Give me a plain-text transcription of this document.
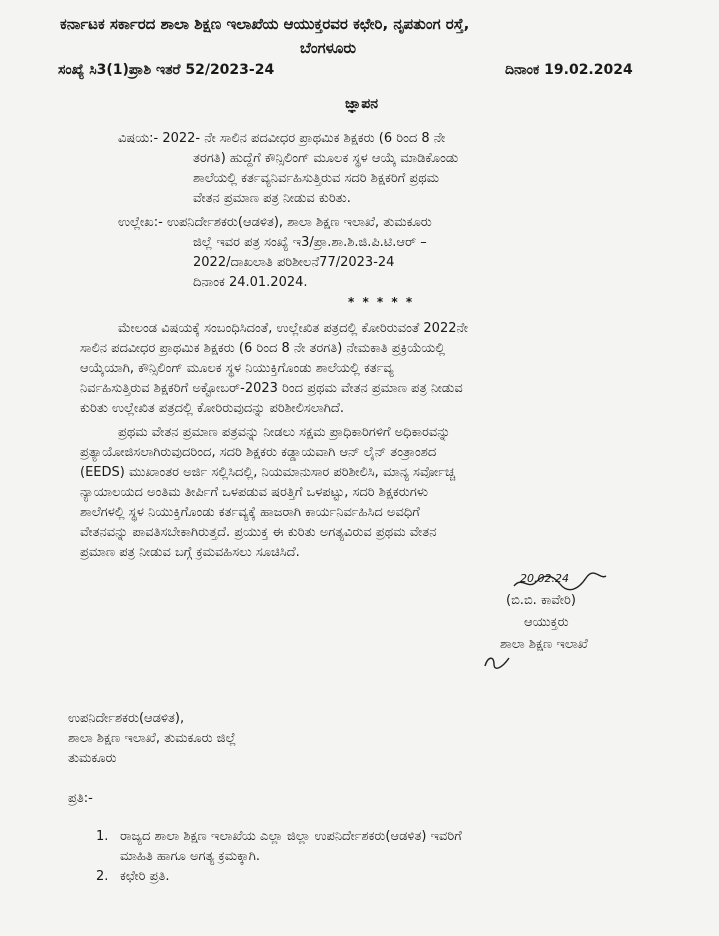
ಕರ್ನಾಟಕ ಸರ್ಕಾರದ ಶಾಲಾ ಶಿಕ್ಷಣ ಇಲಾಖೆಯ ಆಯುಕ್ತರವರ ಕಛೇರಿ, ನೃಪತುಂಗ ರಸ್ತೆ,
ಬೆಂಗಳೂರು
ಸಂಖ್ಯೆ ಸಿ3(1)ಪ್ರಾಶಿ ಇತರೆ 52/2023-24	ದಿನಾಂಕ 19.02.2024
ಜ್ಞಾಪನ
ವಿಷಯ:- 2022- ನೇ ಸಾಲಿನ ಪದವೀಧರ ಪ್ರಾಥಮಿಕ ಶಿಕ್ಷಕರು (6 ರಿಂದ 8 ನೇ
ತರಗತಿ) ಹುದ್ದೆಗೆ ಕೌನ್ಸಿಲಿಂಗ್ ಮೂಲಕ ಸ್ಥಳ ಆಯ್ಕೆ ಮಾಡಿಕೊಂಡು
ಶಾಲೆಯಲ್ಲಿ ಕರ್ತವ್ಯನಿರ್ವಹಿಸುತ್ತಿರುವ ಸದರಿ ಶಿಕ್ಷಕರಿಗೆ ಪ್ರಥಮ
ವೇತನ ಪ್ರಮಾಣ ಪತ್ರ ನೀಡುವ ಕುರಿತು.
ಉಲ್ಲೇಖ:- ಉಪನಿರ್ದೇಶಕರು(ಆಡಳಿತ), ಶಾಲಾ ಶಿಕ್ಷಣ ಇಲಾಖೆ, ತುಮಕೂರು
ಜಿಲ್ಲೆ ಇವರ ಪತ್ರ ಸಂಖ್ಯೆ ಇ3/ಪ್ರಾ.ಶಾ.ಶಿ.ಜಿ.ಪಿ.ಟಿ.ಆರ್ –
2022/ದಾಖಲಾತಿ ಪರಿಶೀಲನೆ77/2023-24
ದಿನಾಂಕ 24.01.2024.
* * * * *
ಮೇಲಂಡ ವಿಷಯಕ್ಕೆ ಸಂಬಂಧಿಸಿದಂತೆ, ಉಲ್ಲೇಖಿತ ಪತ್ರದಲ್ಲಿ ಕೋರಿರುವಂತೆ 2022ನೇ
ಸಾಲಿನ ಪದವೀಧರ ಪ್ರಾಥಮಿಕ ಶಿಕ್ಷಕರು (6 ರಿಂದ 8 ನೇ ತರಗತಿ) ನೇಮಕಾತಿ ಪ್ರಕ್ರಿಯೆಯಲ್ಲಿ
ಆಯ್ಕೆಯಾಗಿ, ಕೌನ್ಸಿಲಿಂಗ್ ಮೂಲಕ ಸ್ಥಳ ನಿಯುಕ್ತಿಗೊಂಡು ಶಾಲೆಯಲ್ಲಿ ಕರ್ತವ್ಯ
ನಿರ್ವಹಿಸುತ್ತಿರುವ ಶಿಕ್ಷಕರಿಗೆ ಅಕ್ಟೋಬರ್-2023 ರಿಂದ ಪ್ರಥಮ ವೇತನ ಪ್ರಮಾಣ ಪತ್ರ ನೀಡುವ
ಕುರಿತು ಉಲ್ಲೇಖಿತ ಪತ್ರದಲ್ಲಿ ಕೋರಿರುವುದನ್ನು ಪರಿಶೀಲಿಸಲಾಗಿದೆ.
ಪ್ರಥಮ ವೇತನ ಪ್ರಮಾಣ ಪತ್ರವನ್ನು ನೀಡಲು ಸಕ್ಷಮ ಪ್ರಾಧಿಕಾರಿಗಳಿಗೆ ಅಧಿಕಾರವನ್ನು
ಪ್ರತ್ಯಾಯೋಜಿಸಲಾಗಿರುವುದರಿಂದ, ಸದರಿ ಶಿಕ್ಷಕರು ಕಡ್ಡಾಯವಾಗಿ ಆನ್ ಲೈನ್ ತಂತ್ರಾಂಶದ
(EEDS) ಮುಖಾಂತರ ಅರ್ಜಿ ಸಲ್ಲಿಸಿದಲ್ಲಿ, ನಿಯಮಾನುಸಾರ ಪರಿಶೀಲಿಸಿ, ಮಾನ್ಯ ಸರ್ವೋಚ್ಚ
ನ್ಯಾಯಾಲಯದ ಅಂತಿಮ ತೀರ್ಪಿಗೆ ಒಳಪಡುವ ಷರತ್ತಿಗೆ ಒಳಪಟ್ಟು, ಸದರಿ ಶಿಕ್ಷಕರುಗಳು
ಶಾಲೆಗಳಲ್ಲಿ ಸ್ಥಳ ನಿಯುಕ್ತಿಗೊಂಡು ಕರ್ತವ್ಯಕ್ಕೆ ಹಾಜರಾಗಿ ಕಾರ್ಯನಿರ್ವಹಿಸಿದ ಅವಧಿಗೆ
ವೇತನವನ್ನು ಪಾವತಿಸಬೇಕಾಗಿರುತ್ತದೆ. ಪ್ರಯುಕ್ತ ಈ ಕುರಿತು ಅಗತ್ಯವಿರುವ ಪ್ರಥಮ ವೇತನ
ಪ್ರಮಾಣ ಪತ್ರ ನೀಡುವ ಬಗ್ಗೆ ಕ್ರಮವಹಿಸಲು ಸೂಚಿಸಿದೆ.
20.02.24
(ಬಿ.ಬಿ. ಕಾವೇರಿ)
ಆಯುಕ್ತರು
ಶಾಲಾ ಶಿಕ್ಷಣ ಇಲಾಖೆ
ಉಪನಿರ್ದೇಶಕರು(ಆಡಳಿತ),
ಶಾಲಾ ಶಿಕ್ಷಣ ಇಲಾಖೆ, ತುಮಕೂರು ಜಿಲ್ಲೆ
ತುಮಕೂರು
ಪ್ರತಿ:-
1. ರಾಜ್ಯದ ಶಾಲಾ ಶಿಕ್ಷಣ ಇಲಾಖೆಯ ಎಲ್ಲಾ ಜಿಲ್ಲಾ ಉಪನಿರ್ದೇಶಕರು(ಆಡಳಿತ) ಇವರಿಗೆ
ಮಾಹಿತಿ ಹಾಗೂ ಅಗತ್ಯ ಕ್ರಮಕ್ಕಾಗಿ.
2. ಕಛೇರಿ ಪ್ರತಿ.
